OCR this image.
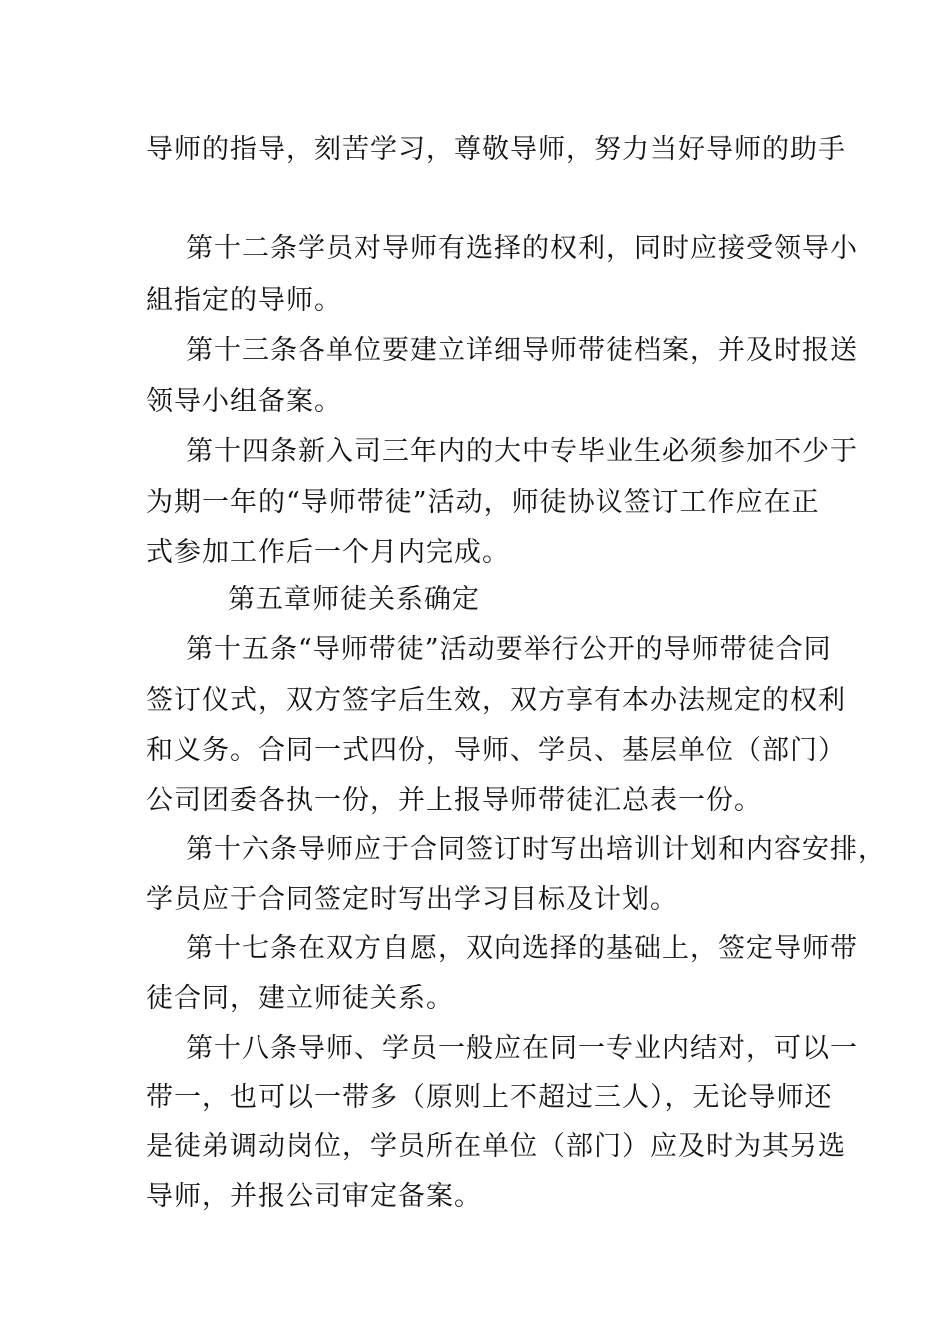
导师的指导，刻苦学习，尊敬导师，努力当好导师的助手
第十二条学员对导师有选择的权利，同时应接受领导小
組指定的导师。
第十三条各单位要建立详细导师带徒档案，并及时报送
领导小组备案。
第十四条新入司三年内的大中专毕业生必须参加不少于
为期一年的“导师带徒”活动，师徒协议签订工作应在正
式参加工作后一个月内完成。
第五章师徒关系确定
第十五条“导师带徒”活动要举行公开的导师带徒合同
签订仪式，双方签字后生效，双方享有本办法规定的权利
和义务。合同一式四份，导师、学员、基层单位（部门）
公司团委各执一份，并上报导师带徒汇总表一份。
第十六条导师应于合同签订时写出培训计划和内容安排，
学员应于合同签定时写出学习目标及计划。
第十七条在双方自愿，双向选择的基础上，签定导师带
徒合同，建立师徒关系。
第十八条导师、学员一般应在同一专业内结对，可以一
带一，也可以一带多（原则上不超过三人），无论导师还
是徒弟调动岗位，学员所在单位（部门）应及时为其另选
导师，并报公司审定备案。
